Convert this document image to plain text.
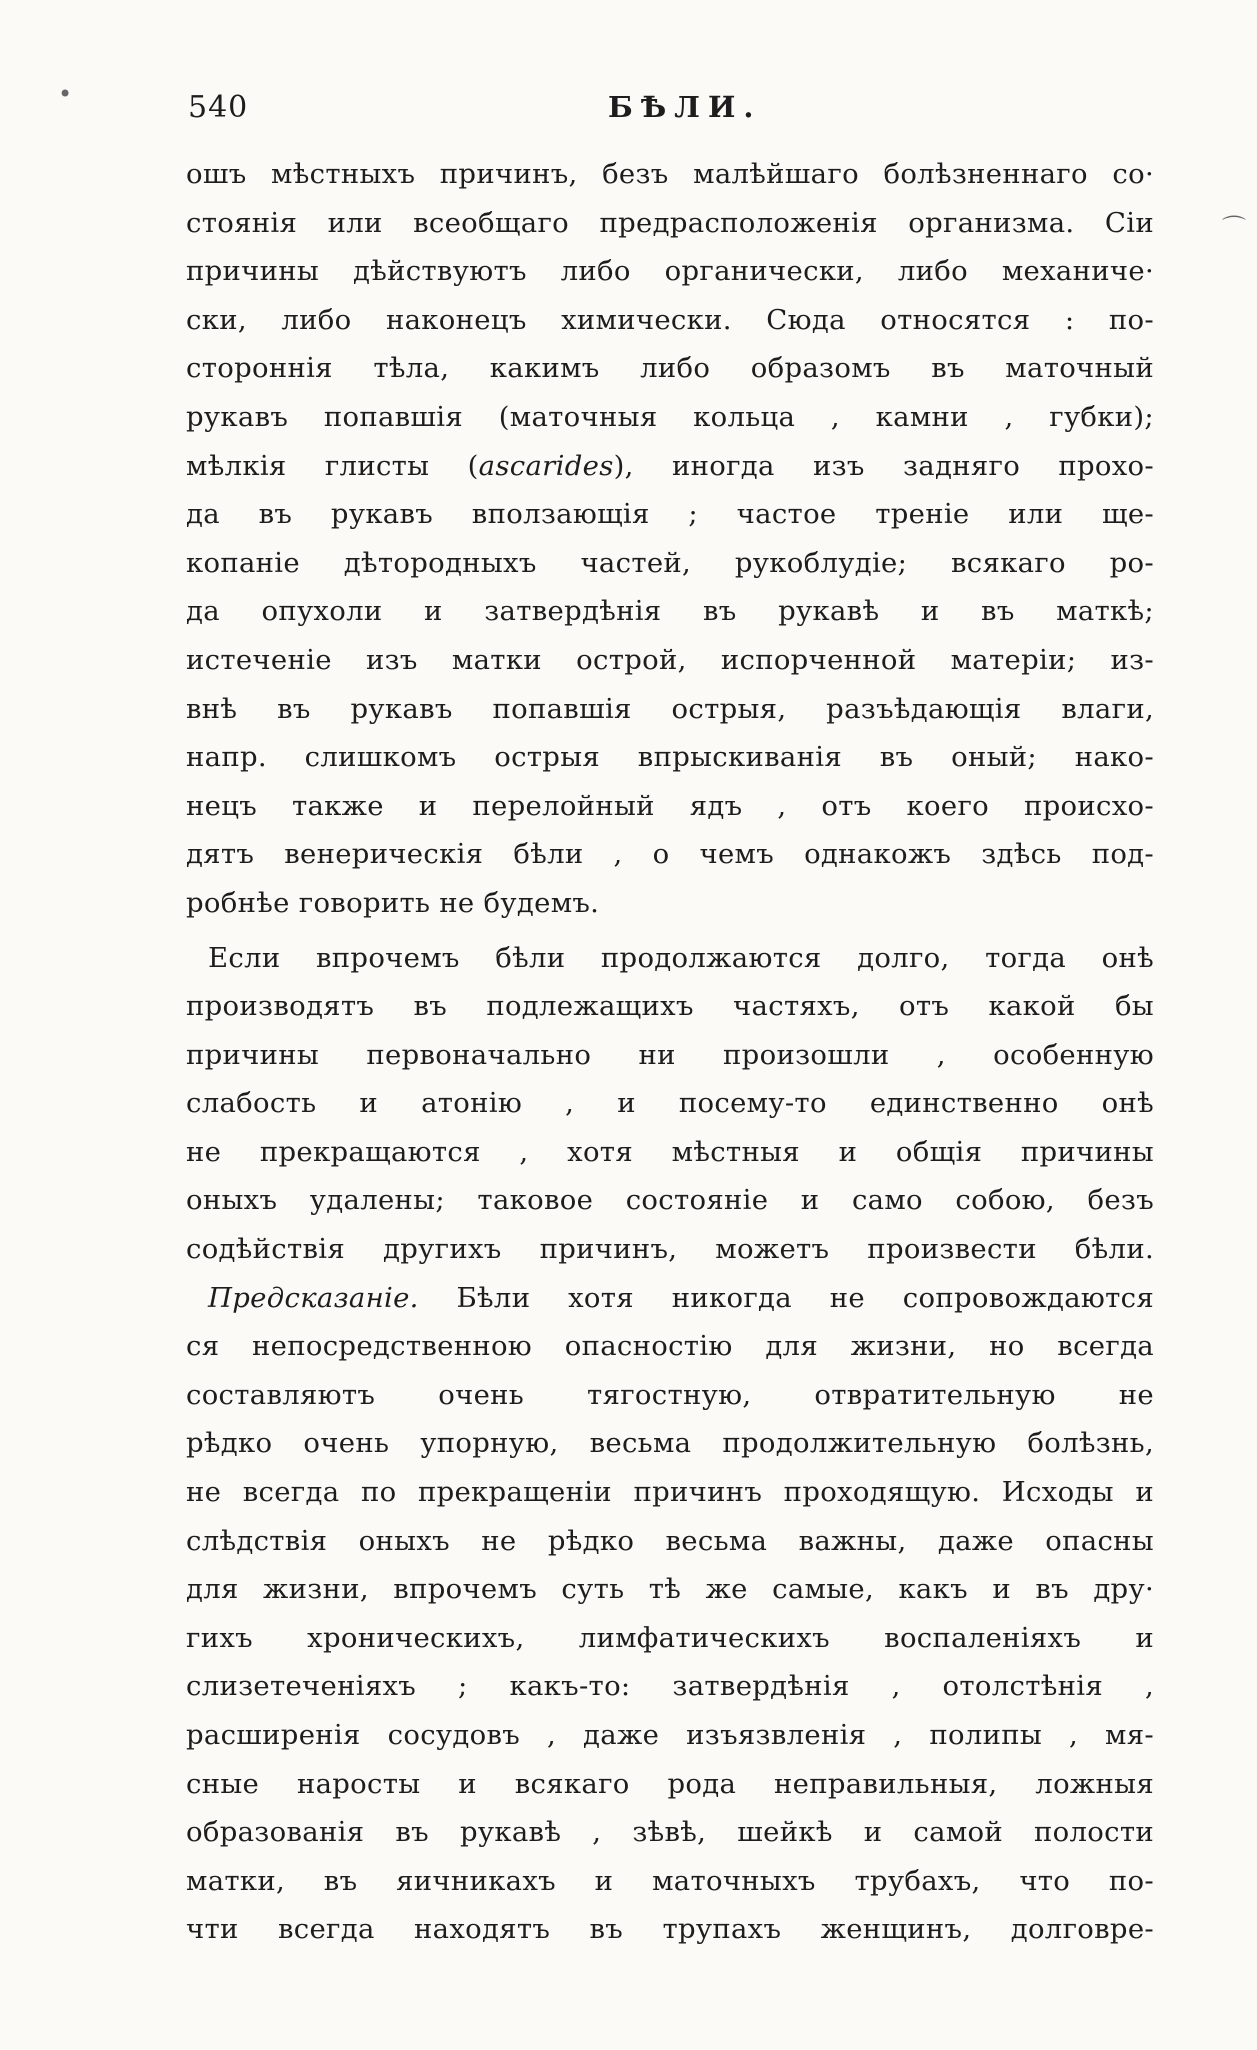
•
⌒
540	БѢЛИ.
ошъ мѣстныхъ причинъ, безъ малѣйшаго болѣзненнаго со·
стоянія или всеобщаго предрасположенія организма. Сіи
причины дѣйствуютъ либо органически, либо механиче·
ски, либо наконецъ химически. Сюда относятся : по-
стороннія тѣла, какимъ либо образомъ въ маточный
рукавъ попавшія (маточныя кольца , камни , губки);
мѣлкія глисты (ascarides), иногда изъ задняго прохо-
да въ рукавъ вползающія ; частое треніе или ще-
копаніе дѣтородныхъ частей, рукоблудіе; всякаго ро-
да опухоли и затвердѣнія въ рукавѣ и въ маткѣ;
истеченіе изъ матки острой, испорченной матеріи; из-
внѣ въ рукавъ попавшія острыя, разъѣдающія влаги,
напр. слишкомъ острыя впрыскиванія въ оный; нако-
нецъ также и перелойный ядъ , отъ коего происхо-
дятъ венерическія бѣли , о чемъ однакожъ здѣсь под-
робнѣе говорить не будемъ.
Если впрочемъ бѣли продолжаются долго, тогда онѣ
производятъ въ подлежащихъ частяхъ, отъ какой бы
причины первоначально ни произошли , особенную
слабость и атонію , и посему-то единственно онѣ
не прекращаются , хотя мѣстныя и общія причины
оныхъ удалены; таковое состояніе и само собою, безъ
содѣйствія другихъ причинъ, можетъ произвести бѣли.
Предсказаніе. Бѣли хотя никогда не сопровождаются
ся непосредственною опасностію для жизни, но всегда
составляютъ очень тягостную, отвратительную не
рѣдко очень упорную, весьма продолжительную болѣзнь,
не всегда по прекращеніи причинъ проходящую. Исходы и
слѣдствія оныхъ не рѣдко весьма важны, даже опасны
для жизни, впрочемъ суть тѣ же самые, какъ и въ дру·
гихъ хроническихъ, лимфатическихъ воспаленіяхъ и
слизетеченіяхъ ; какъ-то: затвердѣнія , отолстѣнія ,
расширенія сосудовъ , даже изъязвленія , полипы , мя-
сные наросты и всякаго рода неправильныя, ложныя
образованія въ рукавѣ , зѣвѣ, шейкѣ и самой полости
матки, въ яичникахъ и маточныхъ трубахъ, что по-
чти всегда находятъ въ трупахъ женщинъ, долговре-
